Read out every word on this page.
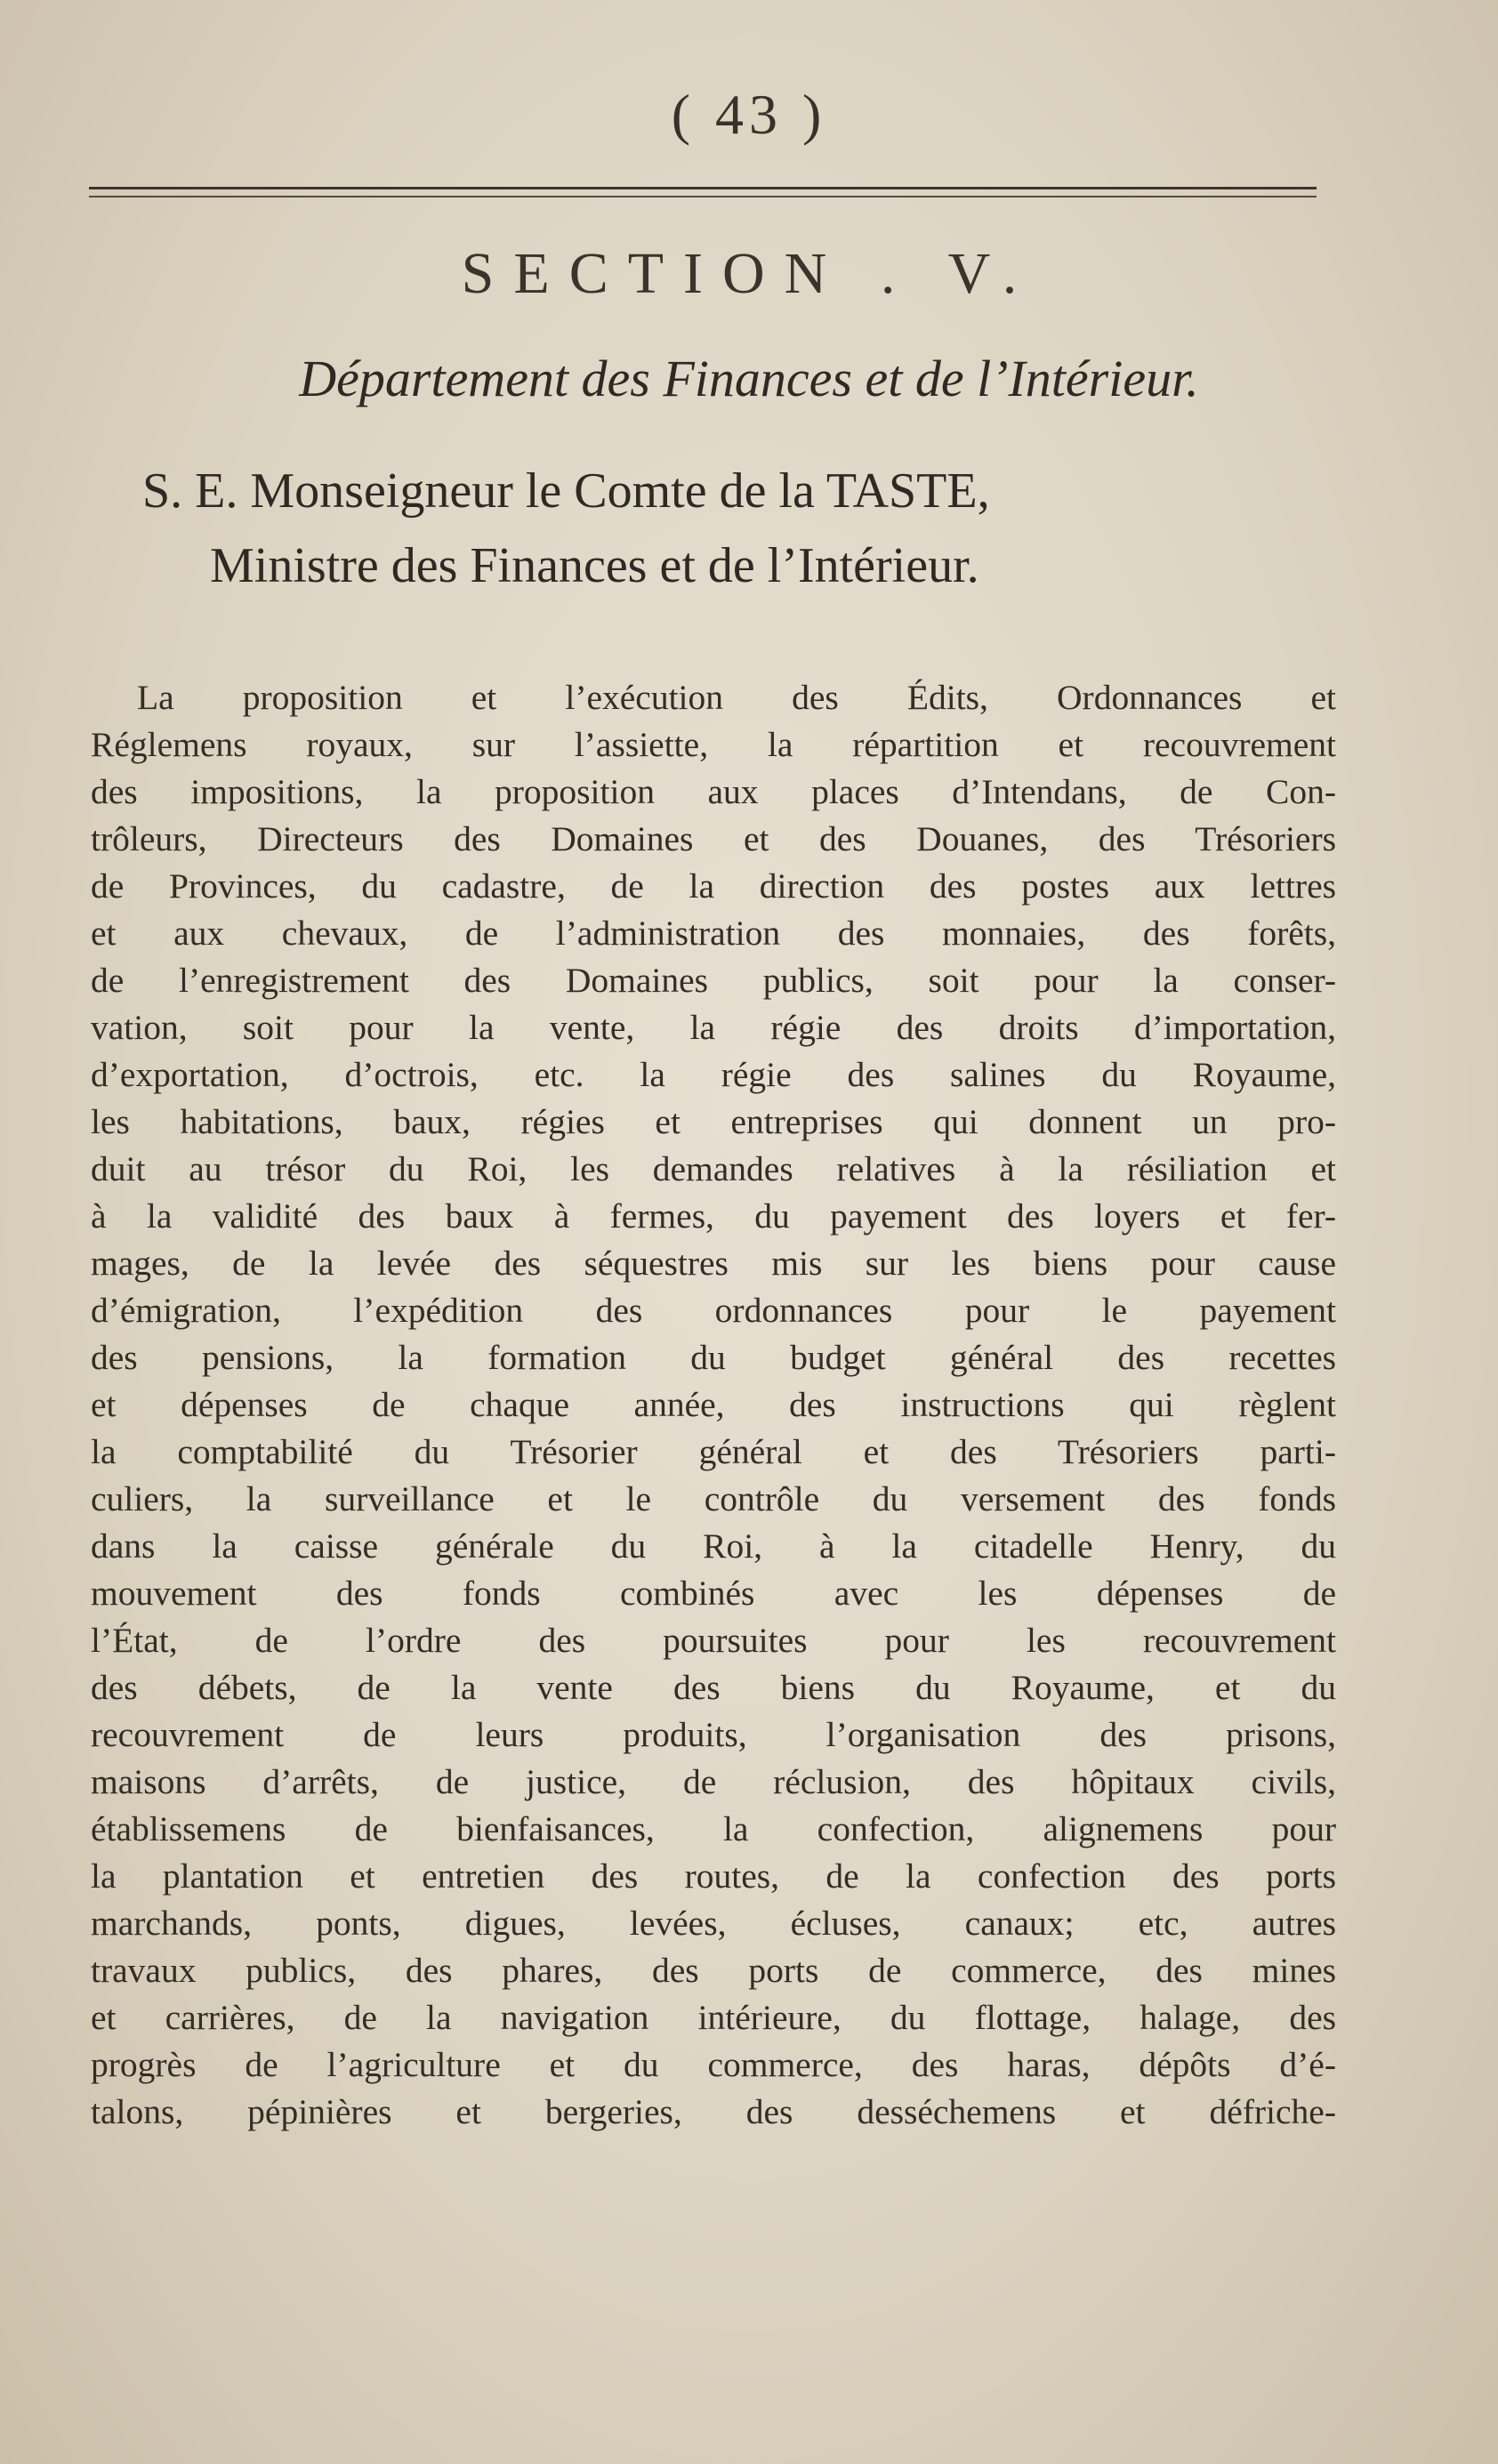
( 43 )
SECTION . V.
Département des Finances et de l’Intérieur.
S. E. Monseigneur le Comte de la TASTE,
Ministre des Finances et de l’Intérieur.
La proposition et l’exécution des Édits, Ordonnances et
Réglemens royaux, sur l’assiette, la répartition et recouvrement
des impositions, la proposition aux places d’Intendans, de Con-
trôleurs, Directeurs des Domaines et des Douanes, des Trésoriers
de Provinces, du cadastre, de la direction des postes aux lettres
et aux chevaux, de l’administration des monnaies, des forêts,
de l’enregistrement des Domaines publics, soit pour la conser-
vation, soit pour la vente, la régie des droits d’importation,
d’exportation, d’octrois, etc. la régie des salines du Royaume,
les habitations, baux, régies et entreprises qui donnent un pro-
duit au trésor du Roi, les demandes relatives à la résiliation et
à la validité des baux à fermes, du payement des loyers et fer-
mages, de la levée des séquestres mis sur les biens pour cause
d’émigration, l’expédition des ordonnances pour le payement
des pensions, la formation du budget général des recettes
et dépenses de chaque année, des instructions qui règlent
la comptabilité du Trésorier général et des Trésoriers parti-
culiers, la surveillance et le contrôle du versement des fonds
dans la caisse générale du Roi, à la citadelle Henry, du
mouvement des fonds combinés avec les dépenses de
l’État, de l’ordre des poursuites pour les recouvrement
des débets, de la vente des biens du Royaume, et du
recouvrement de leurs produits, l’organisation des prisons,
maisons d’arrêts, de justice, de réclusion, des hôpitaux civils,
établissemens de bienfaisances, la confection, alignemens pour
la plantation et entretien des routes, de la confection des ports
marchands, ponts, digues, levées, écluses, canaux; etc, autres
travaux publics, des phares, des ports de commerce, des mines
et carrières, de la navigation intérieure, du flottage, halage, des
progrès de l’agriculture et du commerce, des haras, dépôts d’é-
talons, pépinières et bergeries, des desséchemens et défriche-
